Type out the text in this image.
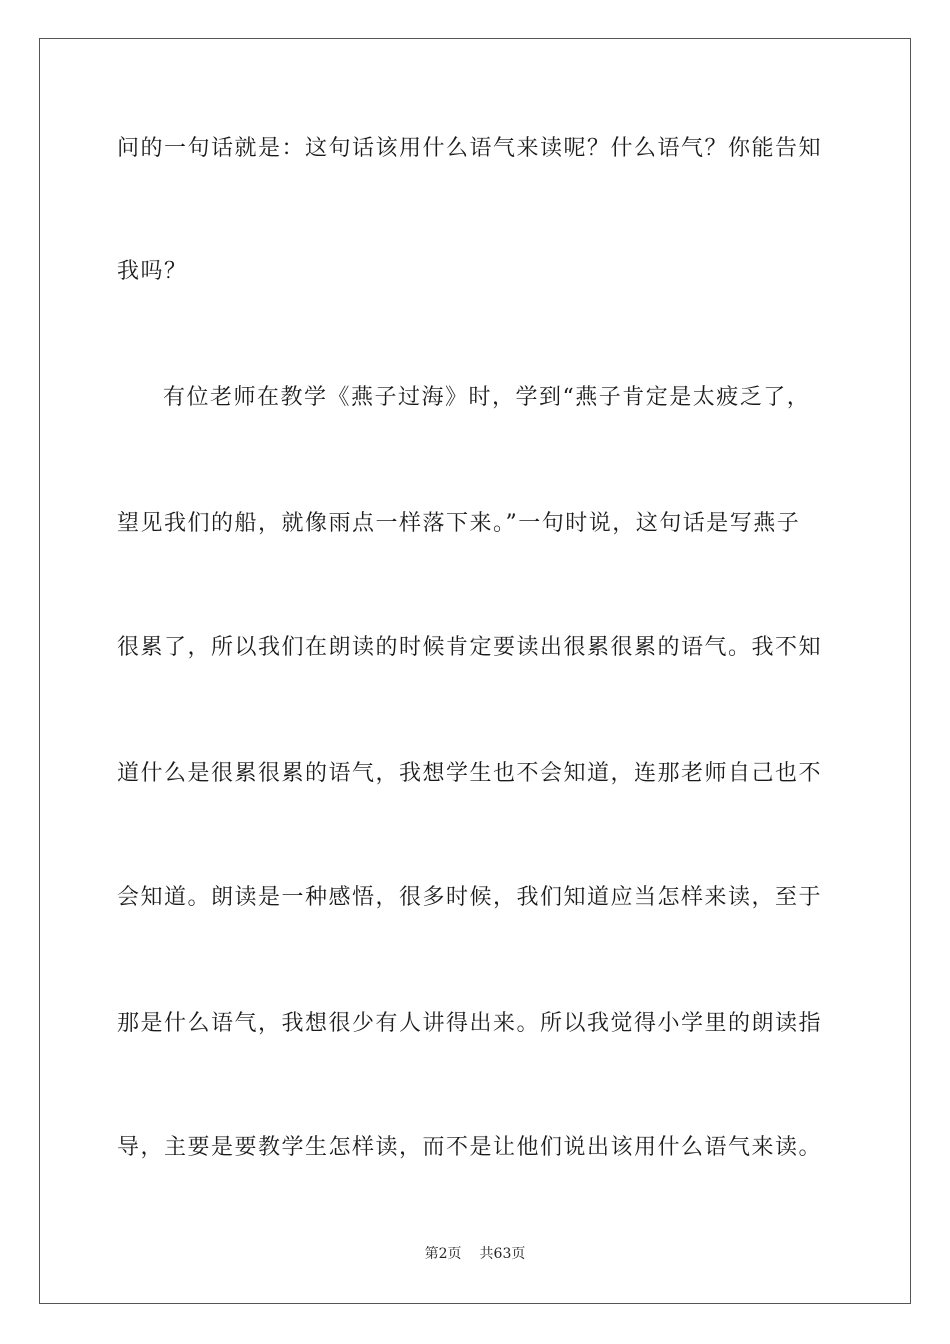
问的一句话就是：这句话该用什么语气来读呢？什么语气？你能告知
我吗？
有位老师在教学《燕子过海》时，学到“燕子肯定是太疲乏了，
望见我们的船，就像雨点一样落下来。”一句时说，这句话是写燕子
很累了，所以我们在朗读的时候肯定要读出很累很累的语气。我不知
道什么是很累很累的语气，我想学生也不会知道，连那老师自己也不
会知道。朗读是一种感悟，很多时候，我们知道应当怎样来读，至于
那是什么语气，我想很少有人讲得出来。所以我觉得小学里的朗读指
导，主要是要教学生怎样读，而不是让他们说出该用什么语气来读。
第2页 共63页
